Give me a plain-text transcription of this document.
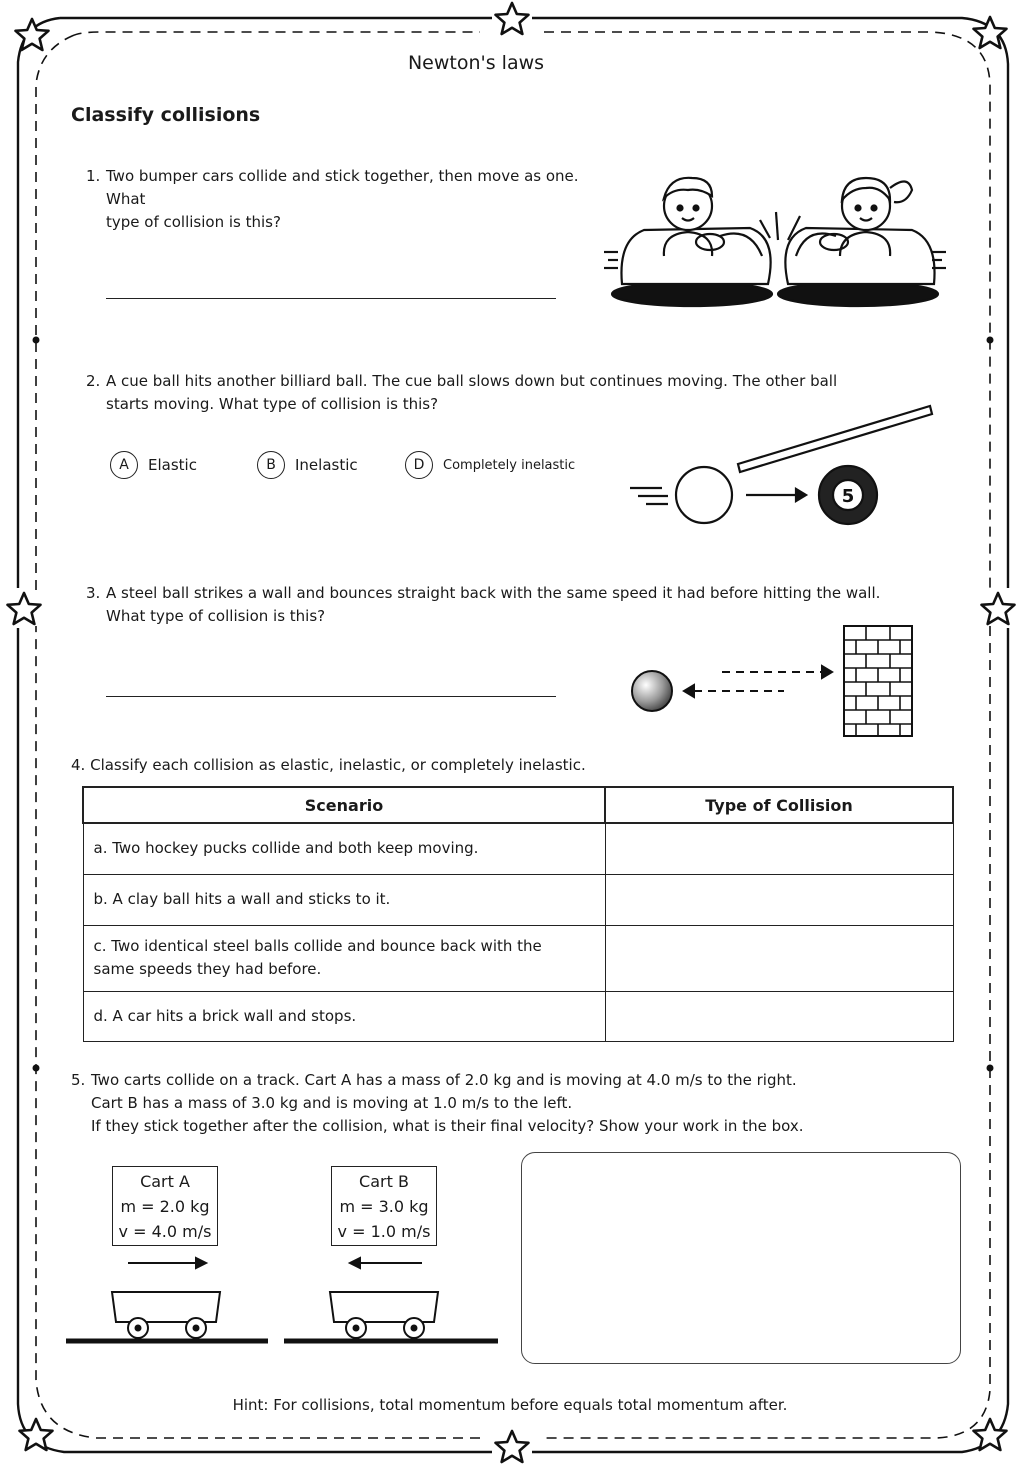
Newton's laws
Classify collisions
1. Two bumper cars collide and stick together, then move as one. What
type of collision is this?
2. A cue ball hits another billiard ball. The cue ball slows down but continues moving. The other ball
starts moving. What type of collision is this?
A	Elastic	B	Inelastic	D	Completely inelastic
5
3. A steel ball strikes a wall and bounces straight back with the same speed it had before hitting the wall.
What type of collision is this?
4. Classify each collision as elastic, inelastic, or completely inelastic.
Scenario	Type of Collision

a. Two hockey pucks collide and both keep moving.	

b. A clay ball hits a wall and sticks to it.	

c. Two identical steel balls collide and bounce back with the
same speeds they had before.	

d. A car hits a brick wall and stops.	

5. Two carts collide on a track. Cart A has a mass of 2.0 kg and is moving at 4.0 m/s to the right.
Cart B has a mass of 3.0 kg and is moving at 1.0 m/s to the left.
If they stick together after the collision, what is their final velocity? Show your work in the box.
Cart A
m = 2.0 kg
v = 4.0 m/s
Cart B
m = 3.0 kg
v = 1.0 m/s
Hint: For collisions, total momentum before equals total momentum after.
